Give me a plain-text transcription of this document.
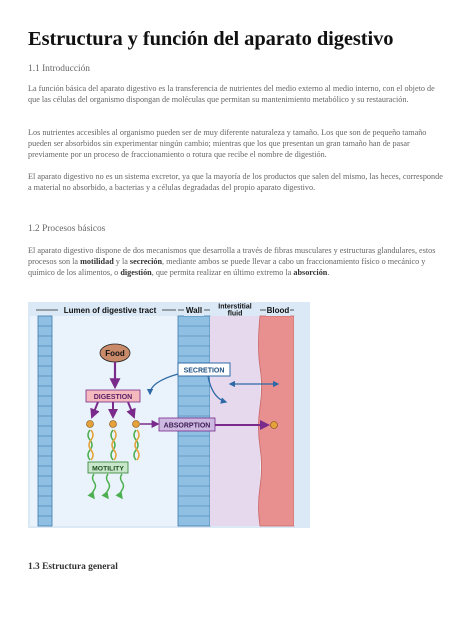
Estructura y función del aparato digestivo
1.1 Introducción

La función básica del aparato digestivo es la transferencia de nutrientes del medio externo al medio interno, con el objeto de que las células del organismo dispongan de moléculas que permitan su mantenimiento metabólico y su restauración.

Los nutrientes accesibles al organismo pueden ser de muy diferente naturaleza y tamaño. Los que son de pequeño tamaño pueden ser absorbidos sin experimentar ningún cambio; mientras que los que presentan un gran tamaño han de pasar previamente por un proceso de fraccionamiento o rotura que recibe el nombre de digestión.

El aparato digestivo no es un sistema excretor, ya que la mayoría de los productos que salen del mismo, las heces, corresponde a material no absorbido, a bacterias y a células degradadas del propio aparato digestivo.

1.2 Procesos básicos

El aparato digestivo dispone de dos mecanismos que desarrolla a través de fibras musculares y estructuras glandulares, estos procesos son la motilidad y la secreción, mediante ambos se puede llevar a cabo un fraccionamiento físico o mecánico y químico de los alimentos, o digestión, que permita realizar en último extremo la absorción.

Lumen of digestive tract	Wall Interstitial
fluid	Blood
Food
SECRETION
DIGESTION
ABSORPTION
MOTILITY
1.3 Estructura general
